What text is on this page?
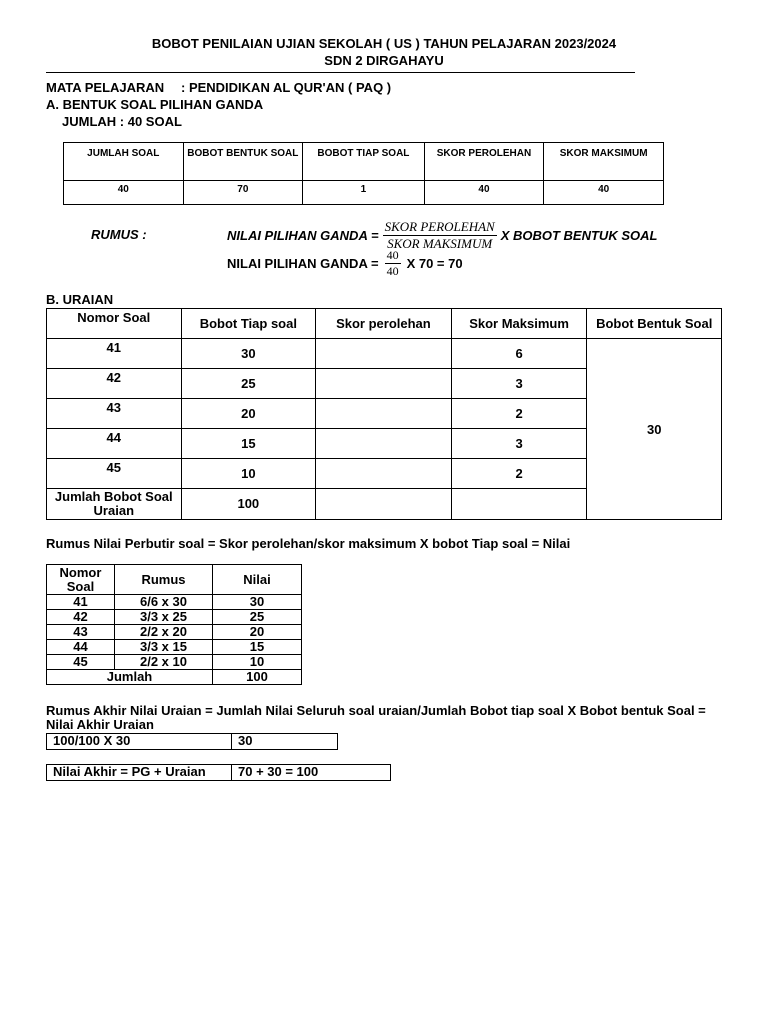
BOBOT PENILAIAN UJIAN SEKOLAH ( US ) TAHUN PELAJARAN 2023/2024
SDN 2 DIRGAHAYU
MATA PELAJARAN : PENDIDIKAN AL QUR'AN ( PAQ )
A. BENTUK SOAL PILIHAN GANDA
JUMLAH : 40 SOAL
JUMLAH SOAL	BOBOT BENTUK SOAL	BOBOT TIAP SOAL	SKOR PEROLEHAN	SKOR MAKSIMUM
40	70	1	40	40
RUMUS :	NILAI PILIHAN GANDA = $\frac{\text{SKOR PEROLEHAN}}{\text{SKOR MAKSIMUM}}$ X BOBOT BENTUK SOAL
NILAI PILIHAN GANDA = $\frac{40}{40}$ X 70 = 70
B. URAIAN
Nomor Soal	Bobot Tiap soal	Skor perolehan	Skor Maksimum	Bobot Bentuk Soal
41	30		6	30
42	25		3	
43	20		2	
44	15		3	
45	10		2	
Jumlah Bobot Soal Uraian	100			
Rumus Nilai Perbutir soal = Skor perolehan/skor maksimum X bobot Tiap soal = Nilai
Nomor Soal	Rumus	Nilai
41	6/6 x 30	30
42	3/3 x 25	25
43	2/2 x 20	20
44	3/3 x 15	15
45	2/2 x 10	10
Jumlah		100
Rumus Akhir Nilai Uraian = Jumlah Nilai Seluruh soal uraian/Jumlah Bobot tiap soal X Bobot bentuk Soal =
Nilai Akhir Uraian
100/100 X 30	30
Nilai Akhir = PG + Uraian	70 + 30 = 100
